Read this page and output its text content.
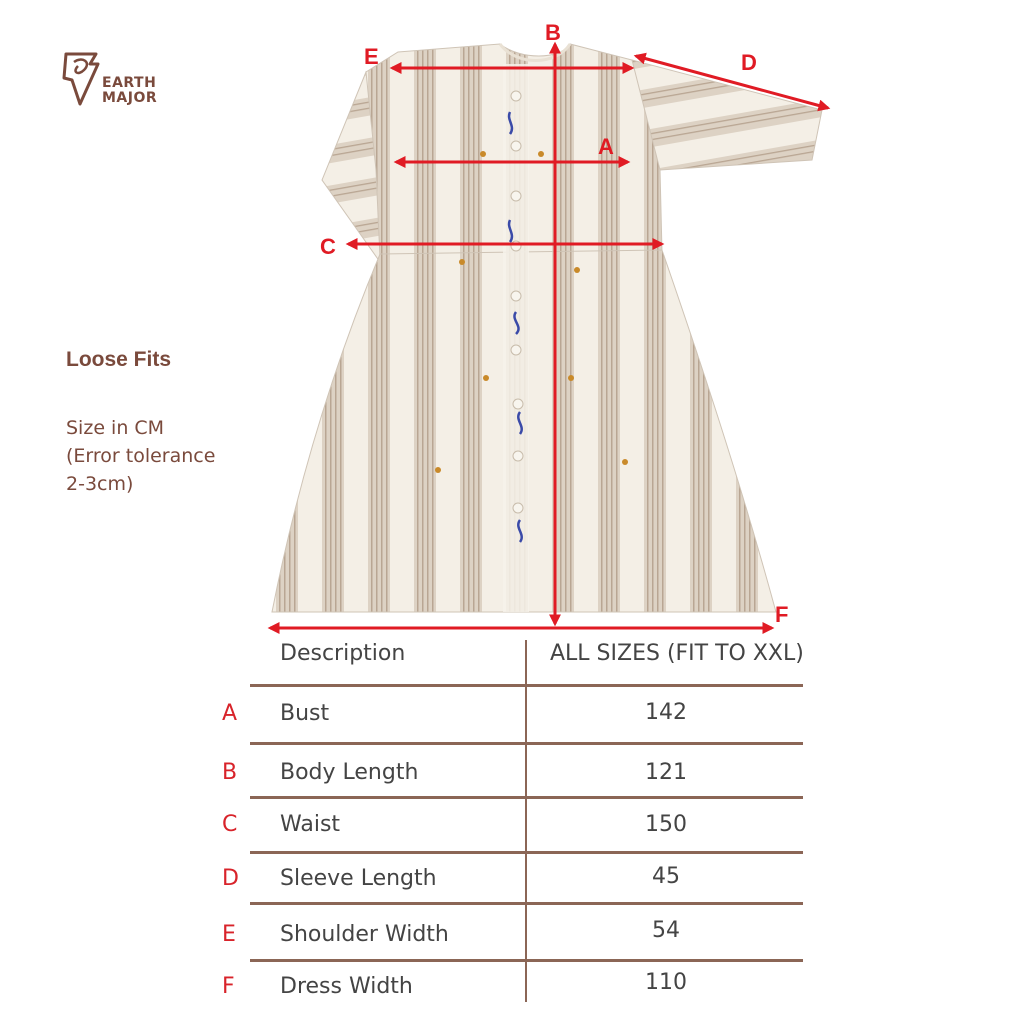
EARTH
MAJOR
Loose Fits
Size in CM
(Error tolerance
2-3cm)
E
B
D
A
C
F
Description	ALL SIZES (FIT TO XXL)
A Bust	142
B Body Length	121
C Waist	150
D Sleeve Length	45
E Shoulder Width	54
F Dress Width	110
